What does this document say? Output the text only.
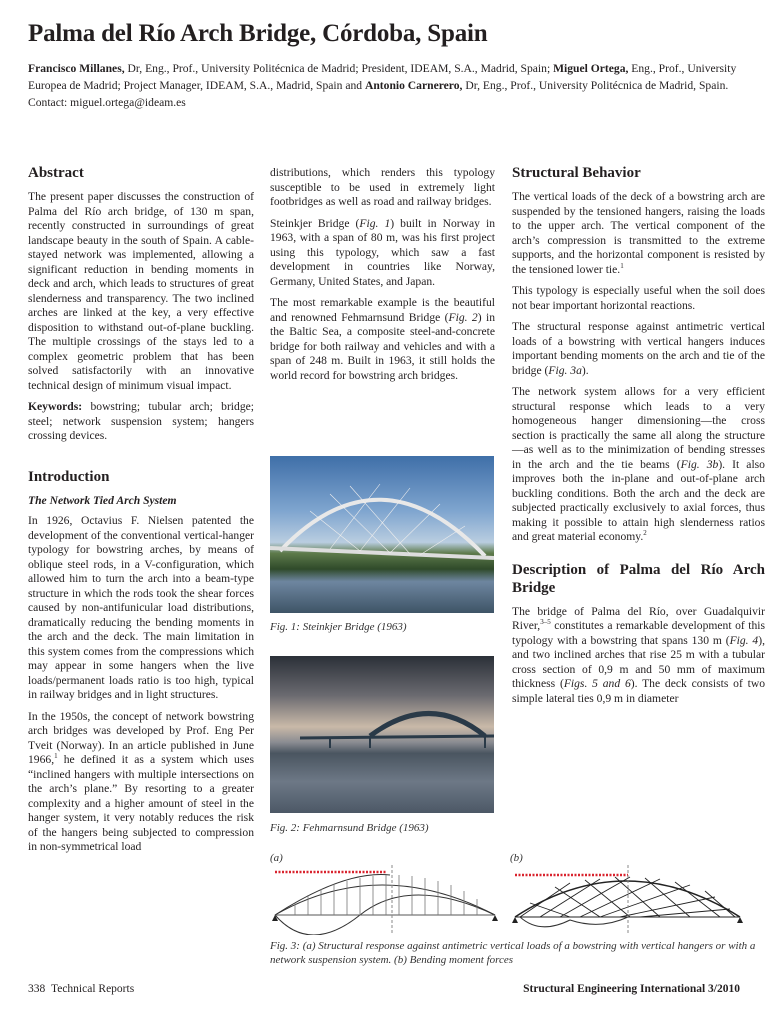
Palma del Río Arch Bridge, Córdoba, Spain
Francisco Millanes, Dr, Eng., Prof., University Politécnica de Madrid; President, IDEAM, S.A., Madrid, Spain; Miguel Ortega, Eng., Prof., University Europea de Madrid; Project Manager, IDEAM, S.A., Madrid, Spain and Antonio Carnerero, Dr, Eng., Prof., University Politécnica de Madrid, Spain. Contact: miguel.ortega@ideam.es
Abstract

The present paper discusses the construction of Palma del Río arch bridge, of 130 m span, recently constructed in surroundings of great landscape beauty in the south of Spain. A cable-stayed network was implemented, allowing a significant reduction in bending moments in deck and arch, which leads to structures of great slenderness and transparency. The two inclined arches are linked at the key, a very effective disposition to withstand out-of-plane buckling. The multiple crossings of the stays led to a complex geometric problem that has been solved satisfactorily with an innovative technical design of minimum visual impact.

Keywords: bowstring; tubular arch; bridge; steel; network suspension system; hangers crossing devices.

Introduction
The Network Tied Arch System

In 1926, Octavius F. Nielsen patented the development of the conventional vertical-hanger typology for bowstring arches, by means of oblique steel rods, in a V-configuration, which allowed him to turn the arch into a beam-type structure in which the rods took the shear forces caused by non-antifunicular load distributions, dramatically reducing the bending moments in the arch and the deck. The main limitation in this system comes from the compressions which may appear in some hangers when the live loads/permanent loads ratio is too high, typical in railway bridges and in light structures.

In the 1950s, the concept of network bowstring arch bridges was developed by Prof. Eng Per Tveit (Norway). In an article published in June 1966,$^1$ he defined it as a system which uses “inclined hangers with multiple intersections on the arch’s plane.” By resorting to a greater complexity and a higher amount of steel in the hanger system, it very notably reduces the risk of the hangers being subjected to compression in non-symmetrical load

distributions, which renders this typology susceptible to be used in extremely light footbridges as well as road and railway bridges.

Steinkjer Bridge (Fig. 1) built in Norway in 1963, with a span of 80 m, was his first project using this typology, which saw a fast development in countries like Norway, Germany, United States, and Japan.

The most remarkable example is the beautiful and renowned Fehmarnsund Bridge (Fig. 2) in the Baltic Sea, a composite steel-and-concrete bridge for both railway and vehicles and with a span of 248 m. Built in 1963, it still holds the world record for bowstring arch bridges.

Fig. 1: Steinkjer Bridge (1963)
Fig. 2: Fehmarnsund Bridge (1963)
Structural Behavior

The vertical loads of the deck of a bowstring arch are suspended by the tensioned hangers, raising the loads to the upper arch. The vertical component of the arch’s compression is transmitted to the extreme supports, and the horizontal component is resisted by the tensioned lower tie.$^1$

This typology is especially useful when the soil does not bear important horizontal reactions.

The structural response against antimetric vertical loads of a bowstring with vertical hangers induces important bending moments on the arch and tie of the bridge (Fig. 3a).

The network system allows for a very efficient structural response which leads to a very homogeneous hanger dimensioning—the cross section is practically the same all along the structure—as well as to the minimization of bending stresses in the arch and the tie beams (Fig. 3b). It also improves both the in-plane and out-of-plane arch buckling conditions. Both the arch and the deck are subjected practically exclusively to axial forces, thus making it possible to attain high slenderness ratios and great material economy.$^2$

Description of Palma del Río Arch Bridge

The bridge of Palma del Río, over Guadalquivir River,$^{3-5}$ constitutes a remarkable development of this typology with a bowstring that spans 130 m (Fig. 4), and two inclined arches that rise 25 m with a tubular cross section of 0,9 m and 50 mm of maximum thickness (Figs. 5 and 6). The deck consists of two simple lateral ties 0,9 m in diameter

(a)	(b)
Fig. 3: (a) Structural response against antimetric vertical loads of a bowstring with vertical hangers or with a network suspension system. (b) Bending moment forces
338 Technical Reports	Structural Engineering International 3/2010
